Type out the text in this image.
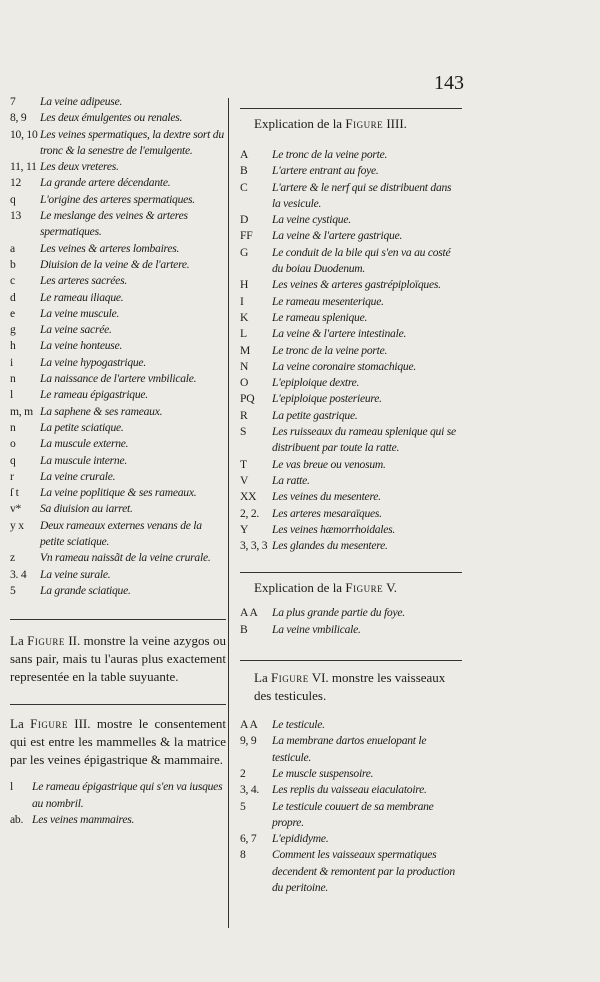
143
7	La veine adipeuse.
8, 9	Les deux émulgentes ou renales.
10, 10 Les veines spermatiques, la dextre sort du tronc & la senestre de l'emulgente.
11, 11 Les deux vreteres.
12	La grande artere décendante.
q	L'origine des arteres spermatiques.
13	Le meslange des veines & arteres spermatiques.
a	Les veines & arteres lombaires.
b	Diuision de la veine & de l'artere.
c	Les arteres sacrées.
d	Le rameau iliaque.
e	La veine muscule.
g	La veine sacrée.
h	La veine honteuse.
i	La veine hypogastrique.
n	La naissance de l'artere vmbilicale.
l	Le rameau épigastrique.
m, m La saphene & ses rameaux.
n	La petite sciatique.
o	La muscule externe.
q	La muscule interne.
r	La veine crurale.
ſ t	La veine poplitique & ses rameaux.
v*	Sa diuision au iarret.
y x	Deux rameaux externes venans de la petite sciatique.
z	Vn rameau naissãt de la veine crurale.
3. 4	La veine surale.
5	La grande sciatique.
La Figure II. monstre la veine azygos ou sans pair, mais tu l'auras plus exactement representée en la table suyuante.
La Figure III. mostre le consentement qui est entre les mammelles & la matrice par les veines épigastrique & mammaire.
l	Le rameau épigastrique qui s'en va iusques au nombril.
ab. Les veines mammaires.
Explication de la Figure IIII.
A	Le tronc de la veine porte.
B	L'artere entrant au foye.
C	L'artere & le nerf qui se distribuent dans la vesicule.
D	La veine cystique.
FF	La veine & l'artere gastrique.
G	Le conduit de la bile qui s'en va au costé du boiau Duodenum.
H	Les veines & arteres gastrépiploïques.
I	Le rameau mesenterique.
K	Le rameau splenique.
L	La veine & l'artere intestinale.
M	Le tronc de la veine porte.
N	La veine coronaire stomachique.
O	L'epiploique dextre.
PQ	L'epiploique posterieure.
R	La petite gastrique.
S	Les ruisseaux du rameau splenique qui se distribuent par toute la ratte.
T	Le vas breue ou venosum.
V	La ratte.
XX	Les veines du mesentere.
2, 2.	Les arteres mesaraïques.
Y	Les veines hæmorrhoidales.
3, 3, 3 Les glandes du mesentere.
Explication de la Figure V.
A A	La plus grande partie du foye.
B	La veine vmbilicale.
La Figure VI. monstre les vaisseaux des testicules.
A A	Le testicule.
9, 9	La membrane dartos enuelopant le testicule.
2	Le muscle suspensoire.
3, 4.	Les replis du vaisseau eiaculatoire.
5	Le testicule couuert de sa membrane propre.
6, 7	L'epididyme.
8	Comment les vaisseaux spermatiques decendent & remontent par la production du peritoine.
